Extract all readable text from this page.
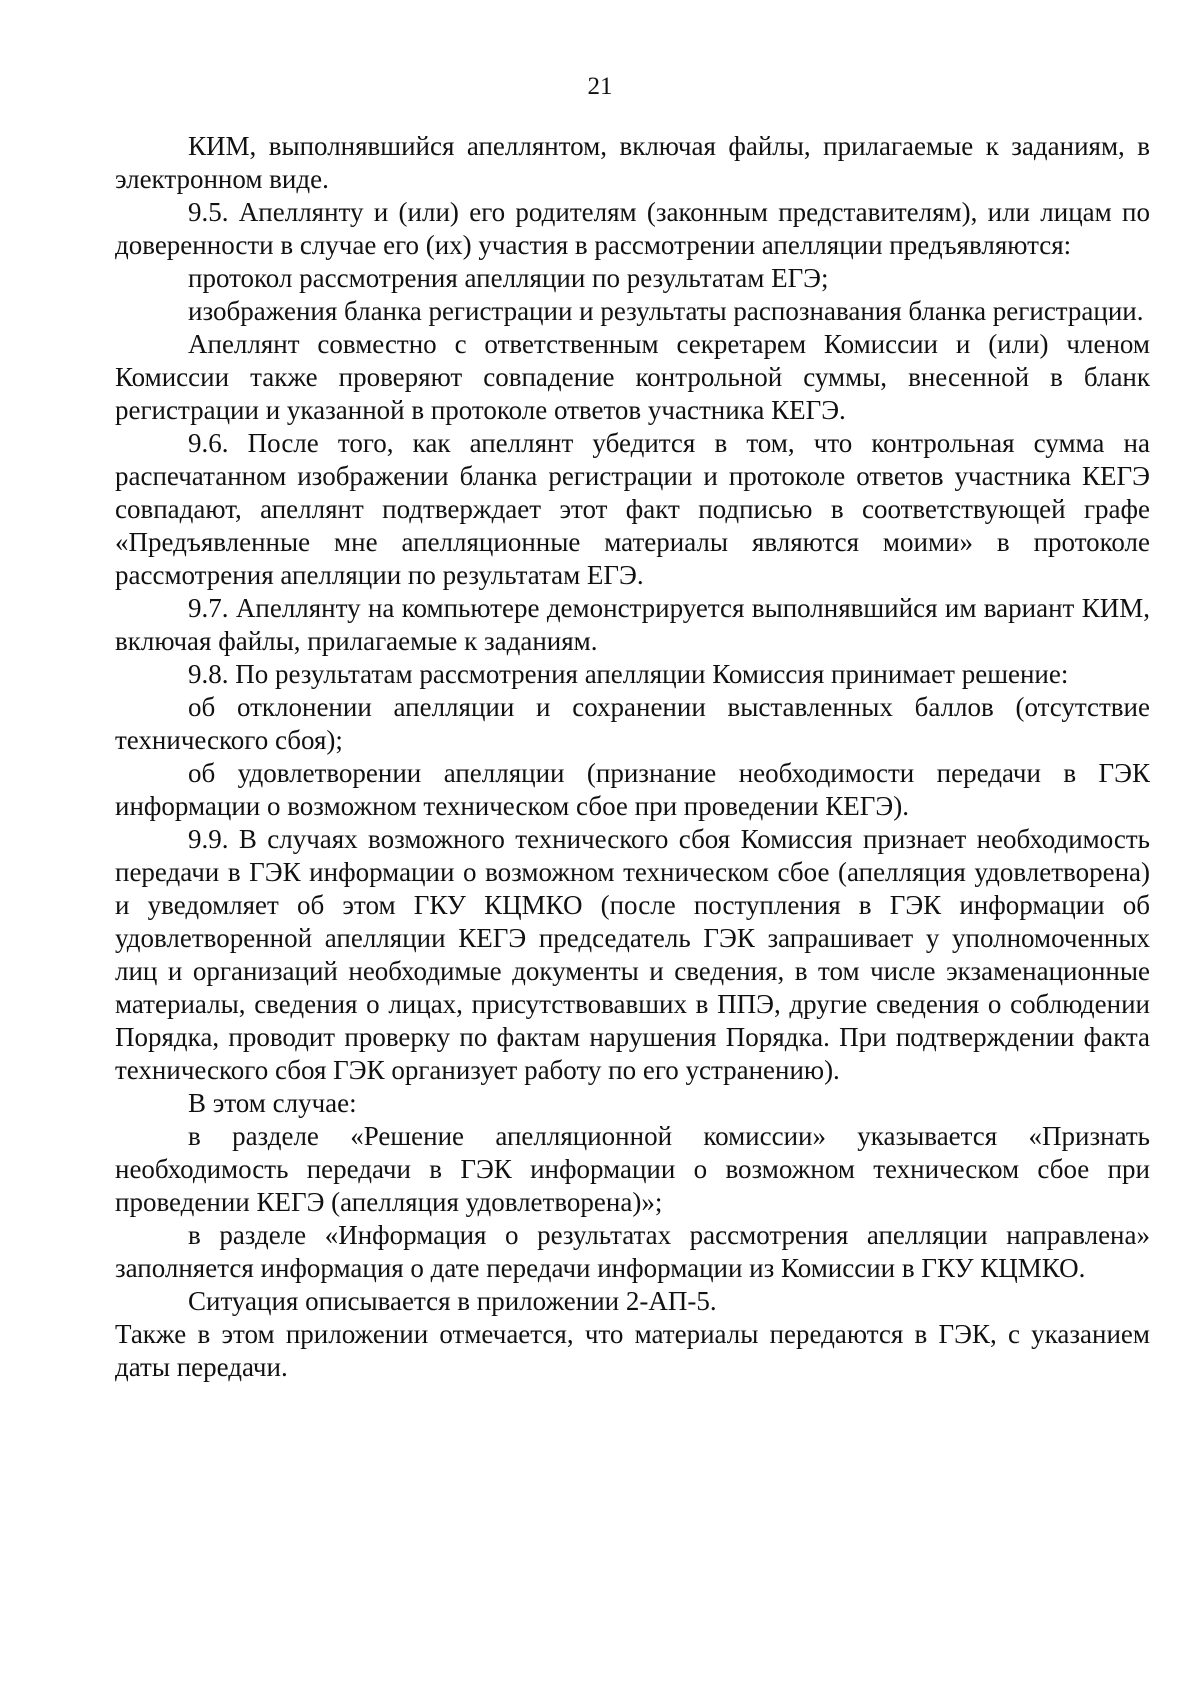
21

КИМ, выполнявшийся апеллянтом, включая файлы, прилагаемые к заданиям, в электронном виде.

9.5. Апеллянту и (или) его родителям (законным представителям), или лицам по доверенности в случае его (их) участия в рассмотрении апелляции предъявляются:

протокол рассмотрения апелляции по результатам ЕГЭ;

изображения бланка регистрации и результаты распознавания бланка регистрации.

Апеллянт совместно с ответственным секретарем Комиссии и (или) членом Комиссии также проверяют совпадение контрольной суммы, внесенной в бланк регистрации и указанной в протоколе ответов участника КЕГЭ.

9.6. После того, как апеллянт убедится в том, что контрольная сумма на распечатанном изображении бланка регистрации и протоколе ответов участника КЕГЭ совпадают, апеллянт подтверждает этот факт подписью в соответствующей графе «Предъявленные мне апелляционные материалы являются моими» в протоколе рассмотрения апелляции по результатам ЕГЭ.

9.7. Апеллянту на компьютере демонстрируется выполнявшийся им вариант КИМ, включая файлы, прилагаемые к заданиям.

9.8. По результатам рассмотрения апелляции Комиссия принимает решение:

об отклонении апелляции и сохранении выставленных баллов (отсутствие технического сбоя);

об удовлетворении апелляции (признание необходимости передачи в ГЭК информации о возможном техническом сбое при проведении КЕГЭ).

9.9. В случаях возможного технического сбоя Комиссия признает необходимость передачи в ГЭК информации о возможном техническом сбое (апелляция удовлетворена) и уведомляет об этом ГКУ КЦМКО (после поступления в ГЭК информации об удовлетворенной апелляции КЕГЭ председатель ГЭК запрашивает у уполномоченных лиц и организаций необходимые документы и сведения, в том числе экзаменационные материалы, сведения о лицах, присутствовавших в ППЭ, другие сведения о соблюдении Порядка, проводит проверку по фактам нарушения Порядка. При подтверждении факта технического сбоя ГЭК организует работу по его устранению).

В этом случае:

в разделе «Решение апелляционной комиссии» указывается «Признать необходимость передачи в ГЭК информации о возможном техническом сбое при проведении КЕГЭ (апелляция удовлетворена)»;

в разделе «Информация о результатах рассмотрения апелляции направлена» заполняется информация о дате передачи информации из Комиссии в ГКУ КЦМКО.

Ситуация описывается в приложении 2-АП-5.

Также в этом приложении отмечается, что материалы передаются в ГЭК, с указанием даты передачи.
